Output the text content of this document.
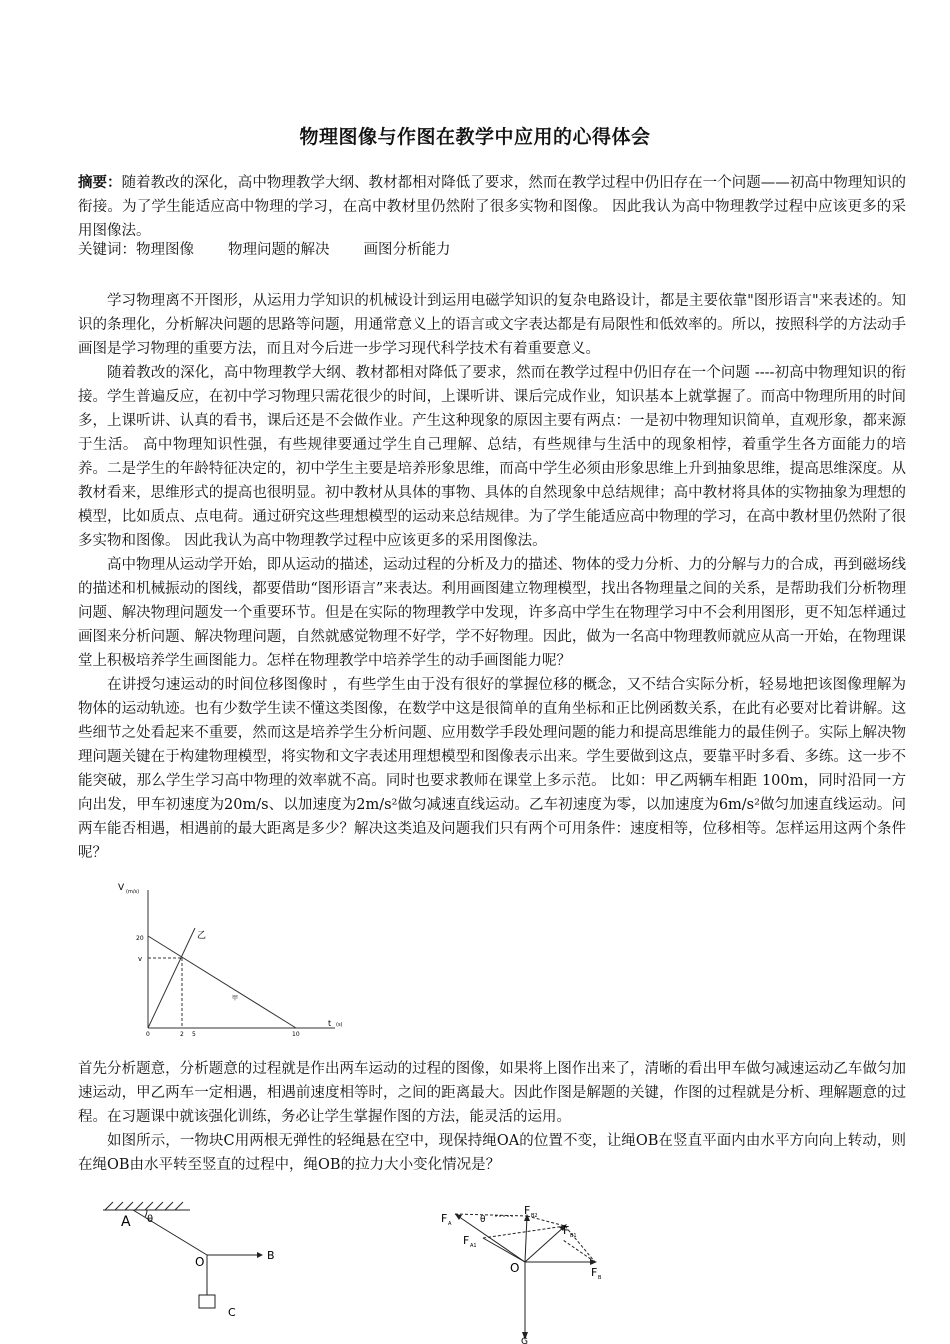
物理图像与作图在教学中应用的心得体会
摘要：随着教改的深化，高中物理教学大纲、教材都相对降低了要求，然而在教学过程中仍旧存在一个问题——初高中物理知识的衔接。为了学生能适应高中物理的学习，在高中教材里仍然附了很多实物和图像。 因此我认为高中物理教学过程中应该更多的采用图像法。
关键词：物理图像 物理问题的解决 画图分析能力

学习物理离不开图形，从运用力学知识的机械设计到运用电磁学知识的复杂电路设计，都是主要依靠"图形语言"来表述的。知识的条理化，分析解决问题的思路等问题，用通常意义上的语言或文字表达都是有局限性和低效率的。所以，按照科学的方法动手画图是学习物理的重要方法，而且对今后进一步学习现代科学技术有着重要意义。

随着教改的深化，高中物理教学大纲、教材都相对降低了要求，然而在教学过程中仍旧存在一个问题 ----初高中物理知识的衔接。学生普遍反应，在初中学习物理只需花很少的时间，上课听讲、课后完成作业，知识基本上就掌握了。而高中物理所用的时间多，上课听讲、认真的看书，课后还是不会做作业。产生这种现象的原因主要有两点：一是初中物理知识简单，直观形象，都来源于生活。 高中物理知识性强，有些规律要通过学生自己理解、总结，有些规律与生活中的现象相悖，着重学生各方面能力的培养。二是学生的年龄特征决定的，初中学生主要是培养形象思维，而高中学生必须由形象思维上升到抽象思维，提高思维深度。从教材看来，思维形式的提高也很明显。初中教材从具体的事物、具体的自然现象中总结规律；高中教材将具体的实物抽象为理想的模型，比如质点、点电荷。通过研究这些理想模型的运动来总结规律。为了学生能适应高中物理的学习，在高中教材里仍然附了很多实物和图像。 因此我认为高中物理教学过程中应该更多的采用图像法。

高中物理从运动学开始，即从运动的描述，运动过程的分析及力的描述、物体的受力分析、力的分解与力的合成，再到磁场线的描述和机械振动的图线，都要借助“图形语言”来表达。利用画图建立物理模型，找出各物理量之间的关系，是帮助我们分析物理问题、解决物理问题发一个重要环节。但是在实际的物理教学中发现，许多高中学生在物理学习中不会利用图形，更不知怎样通过画图来分析问题、解决物理问题，自然就感觉物理不好学，学不好物理。因此，做为一名高中物理教师就应从高一开始，在物理课堂上积极培养学生画图能力。怎样在物理教学中培养学生的动手画图能力呢？

在讲授匀速运动的时间位移图像时 ，有些学生由于没有很好的掌握位移的概念，又不结合实际分析，轻易地把该图像理解为物体的运动轨迹。也有少数学生读不懂这类图像，在数学中这是很简单的直角坐标和正比例函数关系，在此有必要对比着讲解。这些细节之处看起来不重要，然而这是培养学生分析问题、应用数学手段处理问题的能力和提高思维能力的最佳例子。实际上解决物理问题关键在于构建物理模型，将实物和文字表述用理想模型和图像表示出来。学生要做到这点，要靠平时多看、多练。这一步不能突破，那么学生学习高中物理的效率就不高。同时也要求教师在课堂上多示范。 比如：甲乙两辆车相距 100m，同时沿同一方向出发，甲车初速度为20m/s、以加速度为2m/s²做匀减速直线运动。乙车初速度为零，以加速度为6m/s²做匀加速直线运动。问两车能否相遇，相遇前的最大距离是多少？解决这类追及问题我们只有两个可用条件：速度相等，位移相等。怎样运用这两个条件呢？

V (m/s)
20
v
0	2 5	10
t (s)
乙
甲

首先分析题意，分析题意的过程就是作出两车运动的过程的图像，如果将上图作出来了，清晰的看出甲车做匀减速运动乙车做匀加速运动，甲乙两车一定相遇，相遇前速度相等时，之间的距离最大。因此作图是解题的关键，作图的过程就是分析、理解题意的过程。在习题课中就该强化训练，务必让学生掌握作图的方法，能灵活的运用。

如图所示，一物块C用两根无弹性的轻绳悬在空中，现保持绳OA的位置不变，让绳OB在竖直平面内由水平方向向上转动，则在绳OB由水平转至竖直的过程中，绳OB的拉力大小变化情况是？

A θ
O	B
C
F A	θ
F A1
F B2
F B1
O	F B
G
